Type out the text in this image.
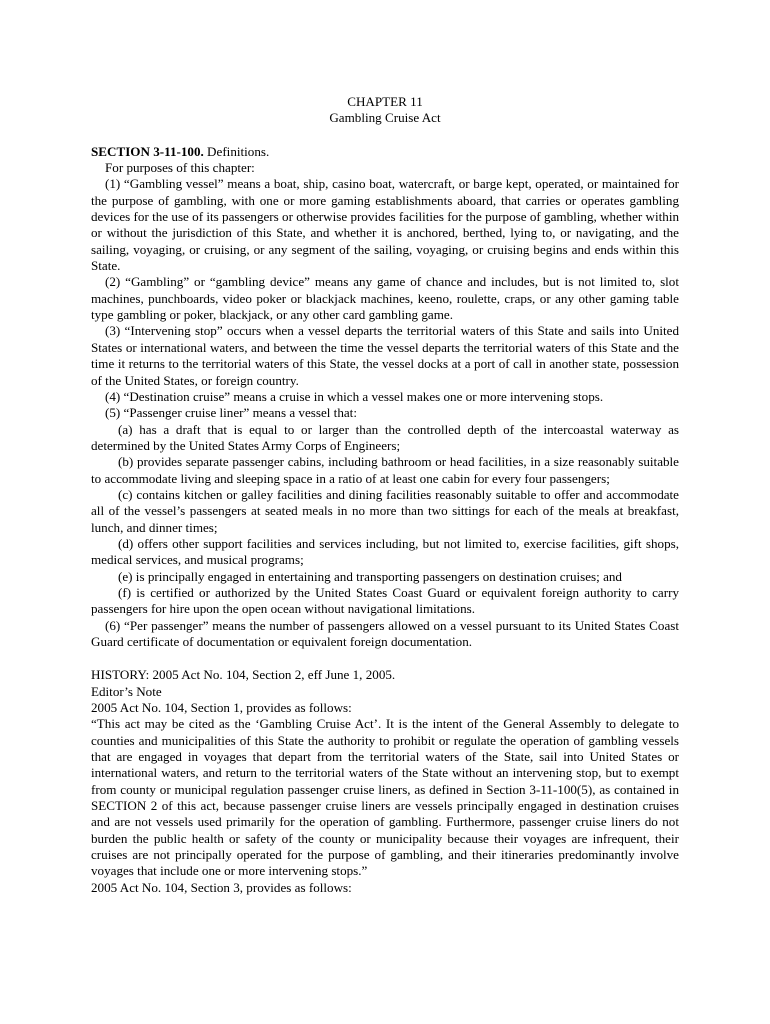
CHAPTER 11
Gambling Cruise Act
SECTION 3-11-100. Definitions.

For purposes of this chapter:

(1) “Gambling vessel” means a boat, ship, casino boat, watercraft, or barge kept, operated, or maintained for the purpose of gambling, with one or more gaming establishments aboard, that carries or operates gambling devices for the use of its passengers or otherwise provides facilities for the purpose of gambling, whether within or without the jurisdiction of this State, and whether it is anchored, berthed, lying to, or navigating, and the sailing, voyaging, or cruising, or any segment of the sailing, voyaging, or cruising begins and ends within this State.

(2) “Gambling” or “gambling device” means any game of chance and includes, but is not limited to, slot machines, punchboards, video poker or blackjack machines, keeno, roulette, craps, or any other gaming table type gambling or poker, blackjack, or any other card gambling game.

(3) “Intervening stop” occurs when a vessel departs the territorial waters of this State and sails into United States or international waters, and between the time the vessel departs the territorial waters of this State and the time it returns to the territorial waters of this State, the vessel docks at a port of call in another state, possession of the United States, or foreign country.

(4) “Destination cruise” means a cruise in which a vessel makes one or more intervening stops.

(5) “Passenger cruise liner” means a vessel that:

(a) has a draft that is equal to or larger than the controlled depth of the intercoastal waterway as determined by the United States Army Corps of Engineers;

(b) provides separate passenger cabins, including bathroom or head facilities, in a size reasonably suitable to accommodate living and sleeping space in a ratio of at least one cabin for every four passengers;

(c) contains kitchen or galley facilities and dining facilities reasonably suitable to offer and accommodate all of the vessel’s passengers at seated meals in no more than two sittings for each of the meals at breakfast, lunch, and dinner times;

(d) offers other support facilities and services including, but not limited to, exercise facilities, gift shops, medical services, and musical programs;

(e) is principally engaged in entertaining and transporting passengers on destination cruises; and

(f) is certified or authorized by the United States Coast Guard or equivalent foreign authority to carry passengers for hire upon the open ocean without navigational limitations.

(6) “Per passenger” means the number of passengers allowed on a vessel pursuant to its United States Coast Guard certificate of documentation or equivalent foreign documentation.

HISTORY: 2005 Act No. 104, Section 2, eff June 1, 2005.

Editor’s Note

2005 Act No. 104, Section 1, provides as follows:

“This act may be cited as the ‘Gambling Cruise Act’. It is the intent of the General Assembly to delegate to counties and municipalities of this State the authority to prohibit or regulate the operation of gambling vessels that are engaged in voyages that depart from the territorial waters of the State, sail into United States or international waters, and return to the territorial waters of the State without an intervening stop, but to exempt from county or municipal regulation passenger cruise liners, as defined in Section 3-11-100(5), as contained in SECTION 2 of this act, because passenger cruise liners are vessels principally engaged in destination cruises and are not vessels used primarily for the operation of gambling. Furthermore, passenger cruise liners do not burden the public health or safety of the county or municipality because their voyages are infrequent, their cruises are not principally operated for the purpose of gambling, and their itineraries predominantly involve voyages that include one or more intervening stops.”

2005 Act No. 104, Section 3, provides as follows:
